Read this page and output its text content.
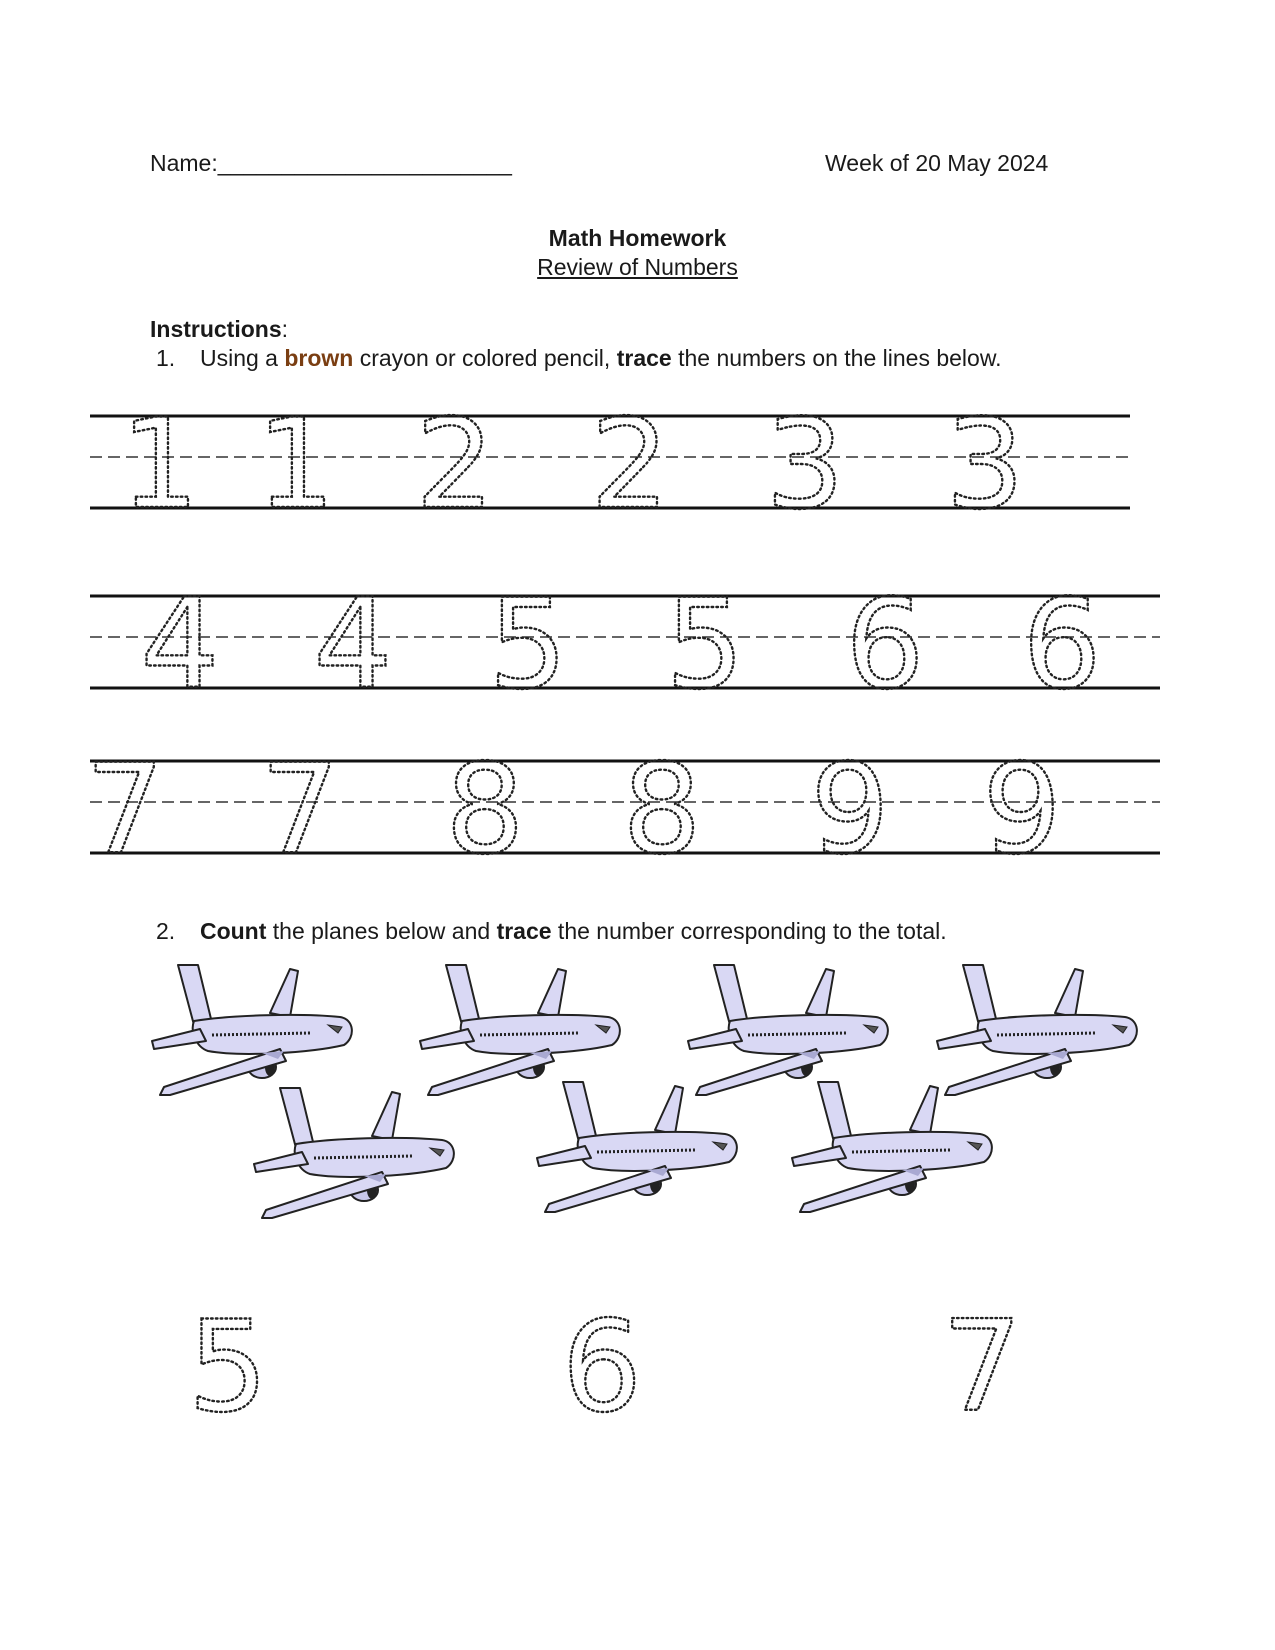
Name:_______________________	Week of 20 May 2024
Math Homework
Review of Numbers
Instructions:
1. Using a brown crayon or colored pencil, trace the numbers on the lines below.
1 1 2 2 3 3
4 4 5 5 6 6
7 7 8 8 9 9
2. Count the planes below and trace the number corresponding to the total.
5 6 7
